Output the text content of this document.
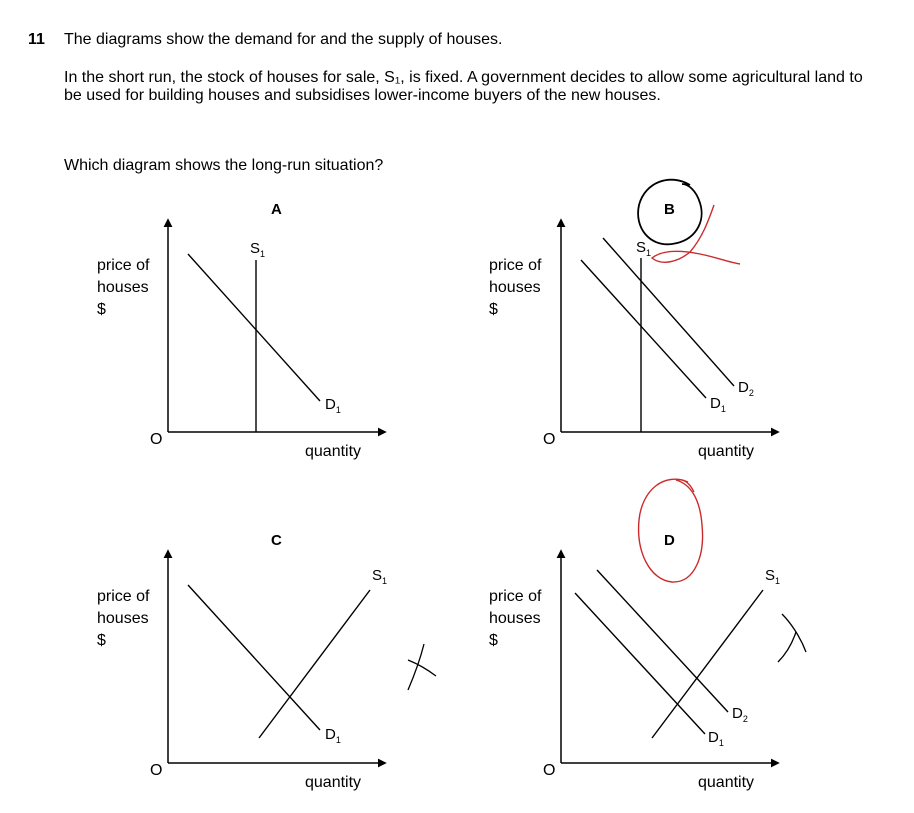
11 The diagrams show the demand for and the supply of houses.
In the short run, the stock of houses for sale, S₁, is fixed. A government decides to allow some agricultural land to be used for building houses and subsidises lower-income buyers of the new houses.
Which diagram shows the long-run situation?
A
price of
houses
$
O
quantity
$S_1$
$D_1$
B
price of
houses
$
O
quantity
$S_1$
$D_1$
$D_2$
C
price of
houses
$
O
quantity
$S_1$
$D_1$
D
price of
houses
$
O
quantity
$S_1$
$D_1$
$D_2$
